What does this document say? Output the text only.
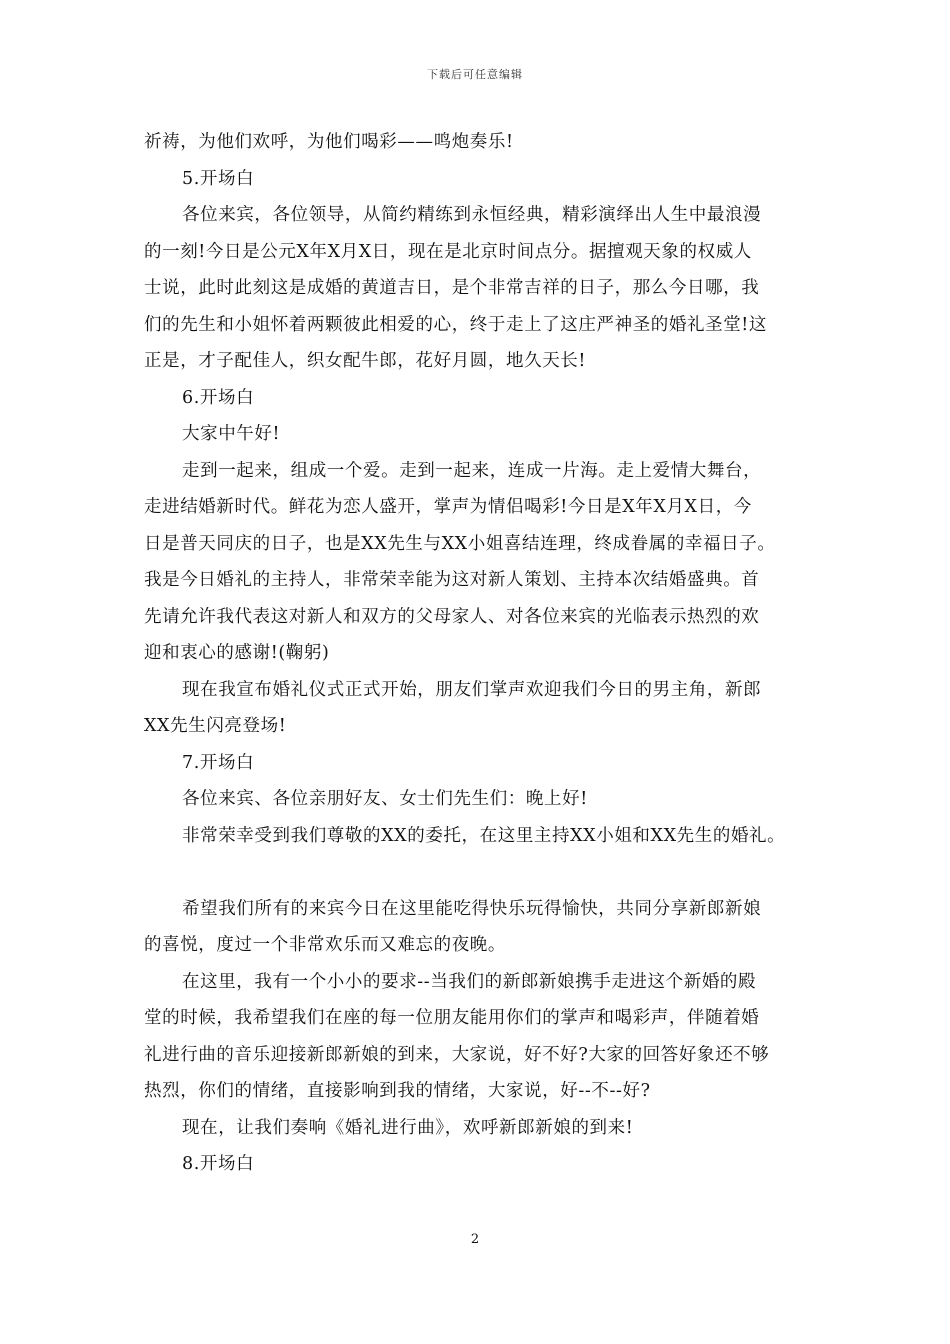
下载后可任意编辑
祈祷，为他们欢呼，为他们喝彩——鸣炮奏乐!
5.开场白
各位来宾，各位领导，从简约精练到永恒经典，精彩演绎出人生中最浪漫
的一刻!今日是公元X年X月X日，现在是北京时间点分。据擅观天象的权威人
士说，此时此刻这是成婚的黄道吉日，是个非常吉祥的日子，那么今日哪，我
们的先生和小姐怀着两颗彼此相爱的心，终于走上了这庄严神圣的婚礼圣堂!这
正是，才子配佳人，织女配牛郎，花好月圆，地久天长!
6.开场白
大家中午好!
走到一起来，组成一个爱。走到一起来，连成一片海。走上爱情大舞台，
走进结婚新时代。鲜花为恋人盛开，掌声为情侣喝彩!今日是X年X月X日，今
日是普天同庆的日子，也是XX先生与XX小姐喜结连理，终成眷属的幸福日子。
我是今日婚礼的主持人，非常荣幸能为这对新人策划、主持本次结婚盛典。首
先请允许我代表这对新人和双方的父母家人、对各位来宾的光临表示热烈的欢
迎和衷心的感谢!(鞠躬)
现在我宣布婚礼仪式正式开始，朋友们掌声欢迎我们今日的男主角，新郎
XX先生闪亮登场!
7.开场白
各位来宾、各位亲朋好友、女士们先生们：晚上好!
非常荣幸受到我们尊敬的XX的委托，在这里主持XX小姐和XX先生的婚礼。
希望我们所有的来宾今日在这里能吃得快乐玩得愉快，共同分享新郎新娘
的喜悦，度过一个非常欢乐而又难忘的夜晚。
在这里，我有一个小小的要求--当我们的新郎新娘携手走进这个新婚的殿
堂的时候，我希望我们在座的每一位朋友能用你们的掌声和喝彩声，伴随着婚
礼进行曲的音乐迎接新郎新娘的到来，大家说，好不好?大家的回答好象还不够
热烈，你们的情绪，直接影响到我的情绪，大家说，好--不--好?
现在，让我们奏响《婚礼进行曲》，欢呼新郎新娘的到来!
8.开场白
2
